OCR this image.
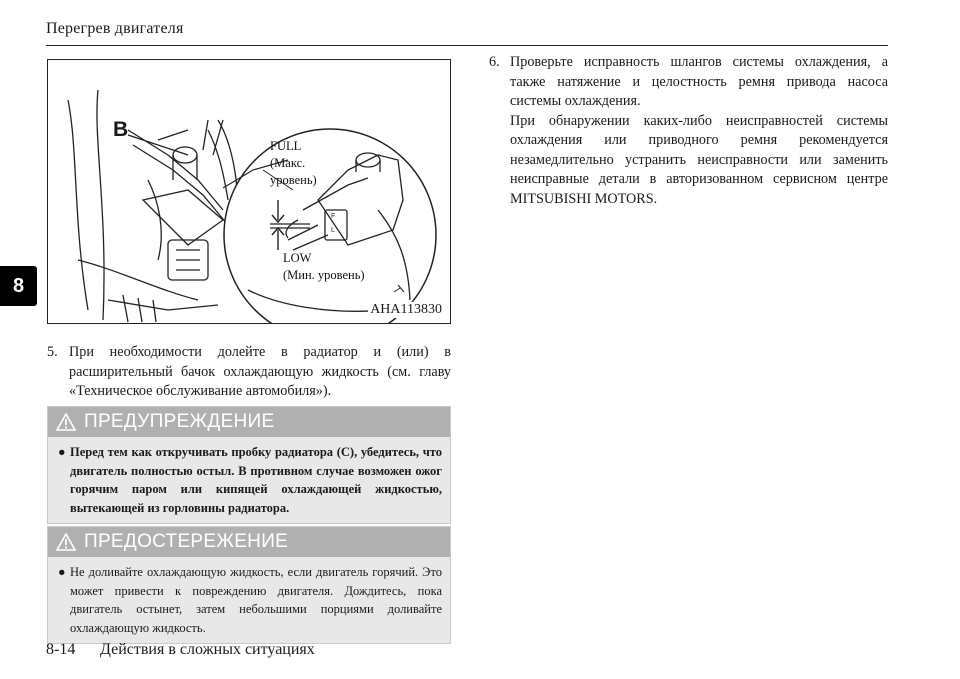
Перегрев двигателя
8
F
L
B
FULL
(Макс.
уровень)
LOW
(Мин. уровень)
AHA113830
5. При необходимости долейте в радиатор и (или) в расширительный бачок охлаждающую жидкость (см. главу «Техническое обслуживание автомобиля»).
ПРЕДУПРЕЖДЕНИЕ
● Перед тем как откручивать пробку радиатора (C), убедитесь, что двигатель полностью остыл. В противном случае возможен ожог горячим паром или кипящей охлаждающей жидкостью, вытекающей из горловины радиатора.
ПРЕДОСТЕРЕЖЕНИЕ
● Не доливайте охлаждающую жидкость, если двигатель горячий. Это может привести к повреждению двигателя. Дождитесь, пока двигатель остынет, затем небольшими порциями доливайте охлаждающую жидкость.
6. Проверьте исправность шлангов системы охлаждения, а также натяжение и целостность ремня привода насоса системы охлаждения.
При обнаружении каких-либо неисправностей системы охлаждения или приводного ремня рекомендуется незамедлительно устранить неисправности или заменить неисправные детали в авторизованном сервисном центре MITSUBISHI MOTORS.
8-14 Действия в сложных ситуациях
